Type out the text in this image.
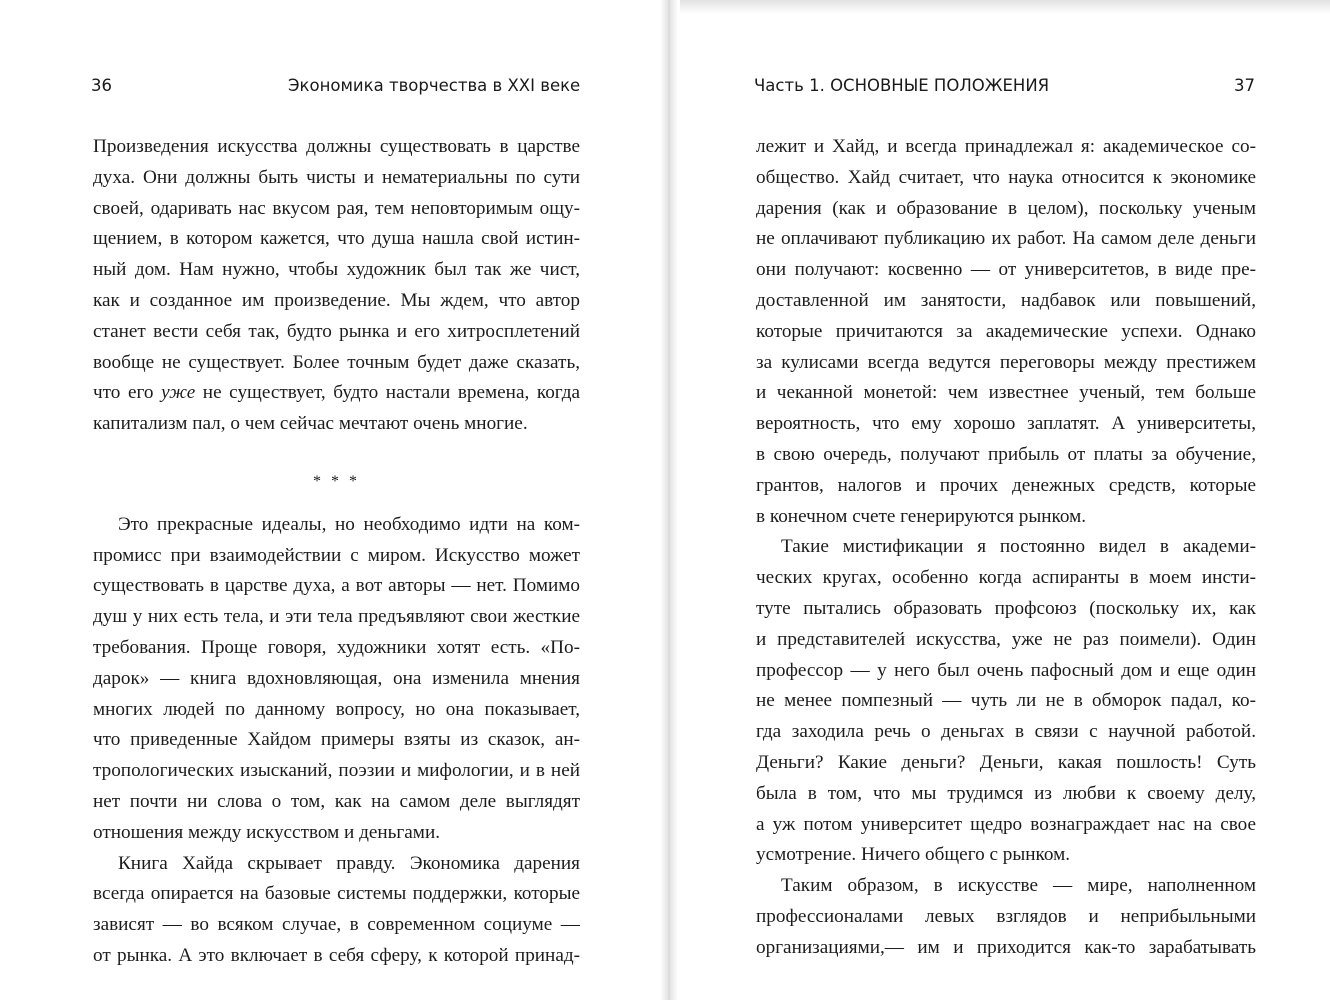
36	Экономика творчества в XXI веке

Произведения искусства должны существовать в царстве

духа. Они должны быть чисты и нематериальны по сути

своей, одаривать нас вкусом рая, тем неповторимым ощу-

щением, в котором кажется, что душа нашла свой истин-

ный дом. Нам нужно, чтобы художник был так же чист,

как и созданное им произведение. Мы ждем, что автор

станет вести себя так, будто рынка и его хитросплетений

вообще не существует. Более точным будет даже сказать,

что его уже не существует, будто настали времена, когда

капитализм пал, о чем сейчас мечтают очень многие.

* * *

Это прекрасные идеалы, но необходимо идти на ком-

промисс при взаимодействии с миром. Искусство может

существовать в царстве духа, а вот авторы — нет. Помимо

душ у них есть тела, и эти тела предъявляют свои жесткие

требования. Проще говоря, художники хотят есть. «По-

дарок» — книга вдохновляющая, она изменила мнения

многих людей по данному вопросу, но она показывает,

что приведенные Хайдом примеры взяты из сказок, ан-

тропологических изысканий, поэзии и мифологии, и в ней

нет почти ни слова о том, как на самом деле выглядят

отношения между искусством и деньгами.

Книга Хайда скрывает правду. Экономика дарения

всегда опирается на базовые системы поддержки, которые

зависят — во всяком случае, в современном социуме —

от рынка. А это включает в себя сферу, к которой принад-

Часть 1. ОСНОВНЫЕ ПОЛОЖЕНИЯ	37

лежит и Хайд, и всегда принадлежал я: академическое со-

общество. Хайд считает, что наука относится к экономике

дарения (как и образование в целом), поскольку ученым

не оплачивают публикацию их работ. На самом деле деньги

они получают: косвенно — от университетов, в виде пре-

доставленной им занятости, надбавок или повышений,

которые причитаются за академические успехи. Однако

за кулисами всегда ведутся переговоры между престижем

и чеканной монетой: чем известнее ученый, тем больше

вероятность, что ему хорошо заплатят. А университеты,

в свою очередь, получают прибыль от платы за обучение,

грантов, налогов и прочих денежных средств, которые

в конечном счете генерируются рынком.

Такие мистификации я постоянно видел в академи-

ческих кругах, особенно когда аспиранты в моем инсти-

туте пытались образовать профсоюз (поскольку их, как

и представителей искусства, уже не раз поимели). Один

профессор — у него был очень пафосный дом и еще один

не менее помпезный — чуть ли не в обморок падал, ко-

гда заходила речь о деньгах в связи с научной работой.

Деньги? Какие деньги? Деньги, какая пошлость! Суть

была в том, что мы трудимся из любви к своему делу,

а уж потом университет щедро вознаграждает нас на свое

усмотрение. Ничего общего с рынком.

Таким образом, в искусстве — мире, наполненном

профессионалами левых взглядов и неприбыльными

организациями,— им и приходится как-то зарабатывать
